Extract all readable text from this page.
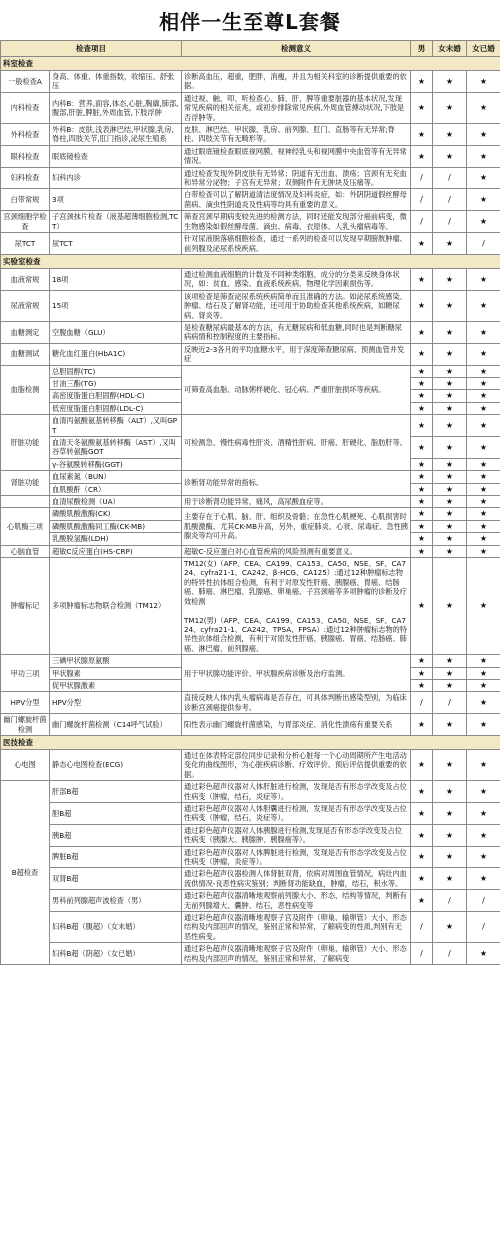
相伴一生至尊L套餐
检查项目		检测意义	男	女未婚	女已婚
科室检查					
一般检查A	身高、体重、体重指数，收缩压、舒张压	诊断高血压，超重，肥胖，消瘦，并且为相关科室的诊断提供重要的依据。	★	★	★
内科检查	内科B：营养,面容,体态,心脏,胸廓,肺部,腹部,肝脏,脾脏,外周血管,下肢浮肿	通过视、触、叩、听检查心、肺、肝、脾等重要脏器的基本状况,发现常见疾病的相关征兆，或初步排除常见疾病,外周血管搏动状况,下肢是否浮肿等。	★	★	★
外科检查	外科B：皮肤,浅表淋巴结,甲状腺,乳房,脊柱,四肢关节,肛门指诊,泌尿生殖系	皮肤、淋巴结、甲状腺、乳房、前列腺、肛门、直肠等有无异常;脊柱、四肢关节有无畸形等。	★	★	★
眼科检查	眼底镜检查	通过眼底镜检查眼底视网膜、视神经乳头和视网膜中央血管等有无异常情况。	★	★	★
妇科检查	妇科内诊	通过检查发现外阴皮肤有无异常；阴道有无出血、溃疡；宫颈有无充血和异常分泌物；子宫有无异常；双侧附件有无肿块及压痛等。	/	/	★
白带常规	3项	白带检查可以了解阴道清洁度情况及妇科炎症，如：外阴阴道假丝酵母菌病、滴虫性阴道炎及性病等均具有重要的意义。	/	/	★
宫颈细胞学检查	子宫颈抹片检查（液基超薄细胞检测,TCT）	筛查宫颈早期病变较先进的检测方法，同时还能发现部分癌前病变，微生物感染如假丝酵母菌、滴虫、病毒、衣原体、人乳头瘤病毒等。	/	/	★
尿TCT	尿TCT	针对尿液脱落癌细胞检查，通过一系列的检查可以发现早期膀胱肿瘤、前列腺及泌尿系统疾病。	★	★	/
实验室检查					
血液常规	18项	通过检测血液细胞的计数及不同种类细胞、成分的分类来反映身体状况，如：贫血、感染、血液系统疾病、物理化学因素损伤等。	★	★	★
尿液常规	15项	该项检查是筛查泌尿系统疾病简单而且准确的方法。如泌尿系统感染、肿瘤、结石及了解肾功能，还可用于协助检查其他系统疾病，如糖尿病、肾炎等。	★	★	★
血糖测定	空腹血糖（GLU）	是检查糖尿病最基本的方法，有无糖尿病和低血糖,同时也是判断糖尿病病情和控制程度的主要指标。	★	★	★
血糖测试	糖化血红蛋白(HbA1C)	反映近2-3各月的平均血糖水平，用于深度筛查糖尿病、预测血管并发症	★	★	★
血脂检测	总胆固醇(TC)	可筛查高血脂、动脉粥样硬化、冠心病、严重肝脏损坏等疾病。	★	★	★
	甘油三酯(TG)		★	★	★
	高密度脂蛋白胆固醇(HDL-C)		★	★	★
	低密度脂蛋白胆固醇(LDL-C)		★	★	★
肝脏功能	血清丙氨酸氨基转移酶（ALT）,又叫GPT	可检测急、慢性病毒性肝炎、酒精性肝病、肝癌、肝硬化、脂肪肝等。	★	★	★
	血清天冬氨酸氨基转移酶（AST）,又叫谷草转氨酶GOT		★	★	★
	γ-谷氨酰转移酶(GGT)		★	★	★
肾脏功能	血尿素氮（BUN）	诊断肾功能异常的指标。	★	★	★
	血肌酸酐（CR）		★	★	★
	血清尿酸检测（UA）	用于诊断肾功能异常，痛风，高尿酸血症等。	★	★	★
心肌酶三项	磷酸肌酸激酶(CK)	主要存在于心肌、脑、肝、组织及骨骼；在急性心肌梗死、心肌损害时肌酸激酶、尤其CK-MB升高，另外，重症肺炎、心衰、尿毒症、急性胰腺炎等均可升高。	★	★	★
	磷酸肌酸激酶同工酶(CK-MB)		★	★	★
	乳酸脱氢酶(LDH)		★	★	★
心脑血管	超敏C反应蛋白(HS-CRP)	超敏C-反应蛋白对心血管疾病的风险预测有重要意义。	★	★	★
肿瘤标记	多项肿瘤标志物联合检测（TM12）	TM12(女)（AFP、CEA、CA199、CA153、CA50、NSE、SF、CA724、cyfra21-1、CA242、β-HCG、CA125）:通过12种肿瘤标志物的特异性抗体组合检测，有利于对原发性肝癌、胰腺癌、胃癌、结肠癌、肺癌、淋巴瘤、乳腺癌、卵巢癌、子宫颈癌等多项肿瘤的诊断及疗效检测

TM12(男)（AFP、CEA、CA199、CA153、CA50、NSE、SF、CA724、cyfra21-1、CA242、TPSA、FPSA）:通过12种肿瘤标志物的特异性抗体组合检测，有利于对原发性肝癌、胰腺癌、胃癌、结肠癌、肺癌、淋巴瘤、前列腺癌、	★	★	★
甲功三项	三碘甲状腺原氨酸	用于甲状腺功能评价、甲状腺疾病诊断及治疗监测。	★	★	★
	甲状腺素		★	★	★
	促甲状腺激素		★	★	★
HPV分型	HPV分型	直接反映人体内乳头瘤病毒是否存在，可具体判断出感染型别，为临床诊断宫颈癌提供参考。	/	/	★
幽门螺旋杆菌检测	幽门螺旋杆菌检测（C14呼气试验）	阳性表示幽门螺旋杆菌感染，与胃部炎症、消化性溃疡有重要关系	★	★	★
医技检查					
心电图	静态心电图检查(ECG)	通过在体表特定部位同步记录和分析心脏每一个心动周期所产生电活动变化的曲线图形，为心脏疾病诊断、疗效评价、预后评估提供重要的依据。	★	★	★
B超检查	肝部B超	通过彩色超声仪器对人体肝脏进行检测，发现是否有形态学改变及占位性病变（肿瘤，结石，炎症等）。	★	★	★
	胆B超	通过彩色超声仪器对人体胆囊进行检测，发现是否有形态学改变及占位性病变（肿瘤，结石，炎症等）。	★	★	★
	胰B超	通过彩色超声仪器对人体胰腺进行检测,发现是否有形态学改变及占位性病变（胰腺大、胰腺肿、胰腺癌等）。	★	★	★
	脾脏B超	通过彩色超声仪器对人体脾脏进行检测，发现是否有形态学改变及占位性病变（肿瘤，炎症等）。	★	★	★
	双肾B超	通过彩色超声仪器检测人体肾脏双肾，依病对周围血管情况，病灶内血流供情况-良恶性病灾鉴别；判断肾功能缺血，肿瘤，结石，积水等。	★	★	★
	男科前列腺超声波检查（男）	通过彩色超声仪器清晰地观察前列腺大小、形态、结构等情况，判断有无前列腺增大、囊肿、结石，恶性病变等	★	/	/
	妇科B超（腹超）（女未婚）	通过彩色超声仪器清晰地观察子宫及附件（卵巢、输卵管）大小、形态结构及内部回声的情况，鉴别正常和异常，了解病变的性质,判别有无恶性病变。	/	★	/
	妇科B超（阴超）（女已婚）	通过彩色超声仪器清晰地观察子宫及附件（卵巢、输卵管）大小、形态结构及内部回声的情况，鉴别正常和异常，了解病变	/	/	★
